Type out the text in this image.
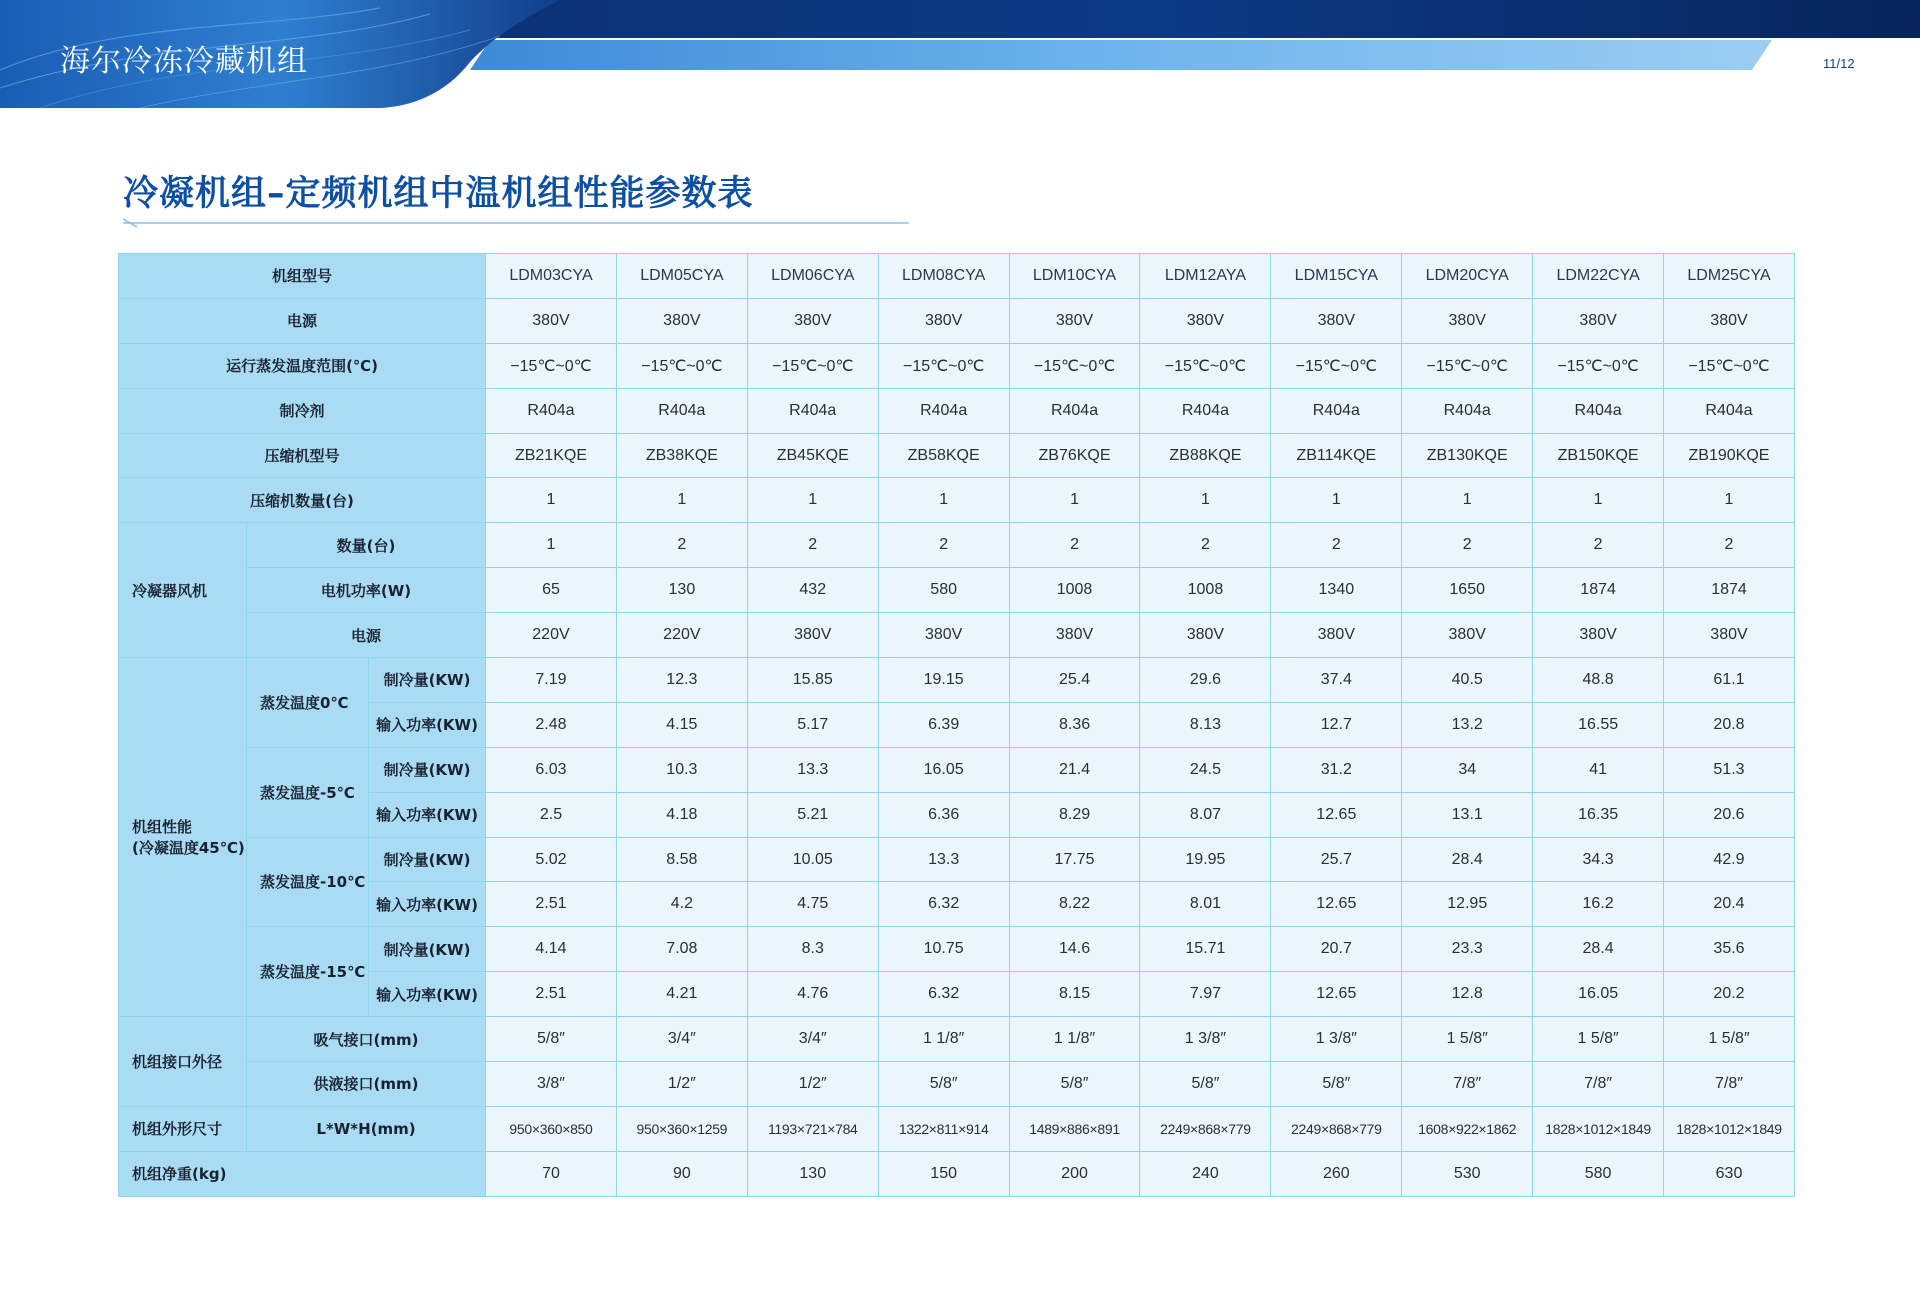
海尔冷冻冷藏机组	11/12
冷凝机组–定频机组中温机组性能参数表
机组型号			LDM03CYA	LDM05CYA	LDM06CYA	LDM08CYA	LDM10CYA	LDM12AYA	LDM15CYA	LDM20CYA	LDM22CYA	LDM25CYA
电源			380V	380V	380V	380V	380V	380V	380V	380V	380V	380V
运行蒸发温度范围(℃)			−15℃~0℃	−15℃~0℃	−15℃~0℃	−15℃~0℃	−15℃~0℃	−15℃~0℃	−15℃~0℃	−15℃~0℃	−15℃~0℃	−15℃~0℃
制冷剂			R404a	R404a	R404a	R404a	R404a	R404a	R404a	R404a	R404a	R404a
压缩机型号			ZB21KQE	ZB38KQE	ZB45KQE	ZB58KQE	ZB76KQE	ZB88KQE	ZB114KQE	ZB130KQE	ZB150KQE	ZB190KQE
压缩机数量(台)			1	1	1	1	1	1	1	1	1	1
冷凝器风机	数量(台)		1	2	2	2	2	2	2	2	2	2
	电机功率(W)		65	130	432	580	1008	1008	1340	1650	1874	1874
	电源		220V	220V	380V	380V	380V	380V	380V	380V	380V	380V

机组性能
(冷凝温度45℃)	蒸发温度0℃	制冷量(KW)	7.19	12.3	15.85	19.15	25.4	29.6	37.4	40.5	48.8	61.1
		输入功率(KW)	2.48	4.15	5.17	6.39	8.36	8.13	12.7	13.2	16.55	20.8
	蒸发温度-5℃	制冷量(KW)	6.03	10.3	13.3	16.05	21.4	24.5	31.2	34	41	51.3
		输入功率(KW)	2.5	4.18	5.21	6.36	8.29	8.07	12.65	13.1	16.35	20.6
	蒸发温度-10℃	制冷量(KW)	5.02	8.58	10.05	13.3	17.75	19.95	25.7	28.4	34.3	42.9
		输入功率(KW)	2.51	4.2	4.75	6.32	8.22	8.01	12.65	12.95	16.2	20.4
	蒸发温度-15℃	制冷量(KW)	4.14	7.08	8.3	10.75	14.6	15.71	20.7	23.3	28.4	35.6
		输入功率(KW)	2.51	4.21	4.76	6.32	8.15	7.97	12.65	12.8	16.05	20.2
机组接口外径	吸气接口(mm)		5/8″	3/4″	3/4″	1 1/8″	1 1/8″	1 3/8″	1 3/8″	1 5/8″	1 5/8″	1 5/8″
	供液接口(mm)		3/8″	1/2″	1/2″	5/8″	5/8″	5/8″	5/8″	7/8″	7/8″	7/8″
机组外形尺寸	L*W*H(mm)		950×360×850	950×360×1259	1193×721×784	1322×811×914	1489×886×891	2249×868×779	2249×868×779	1608×922×1862	1828×1012×1849	1828×1012×1849
机组净重(kg)			70	90	130	150	200	240	260	530	580	630
